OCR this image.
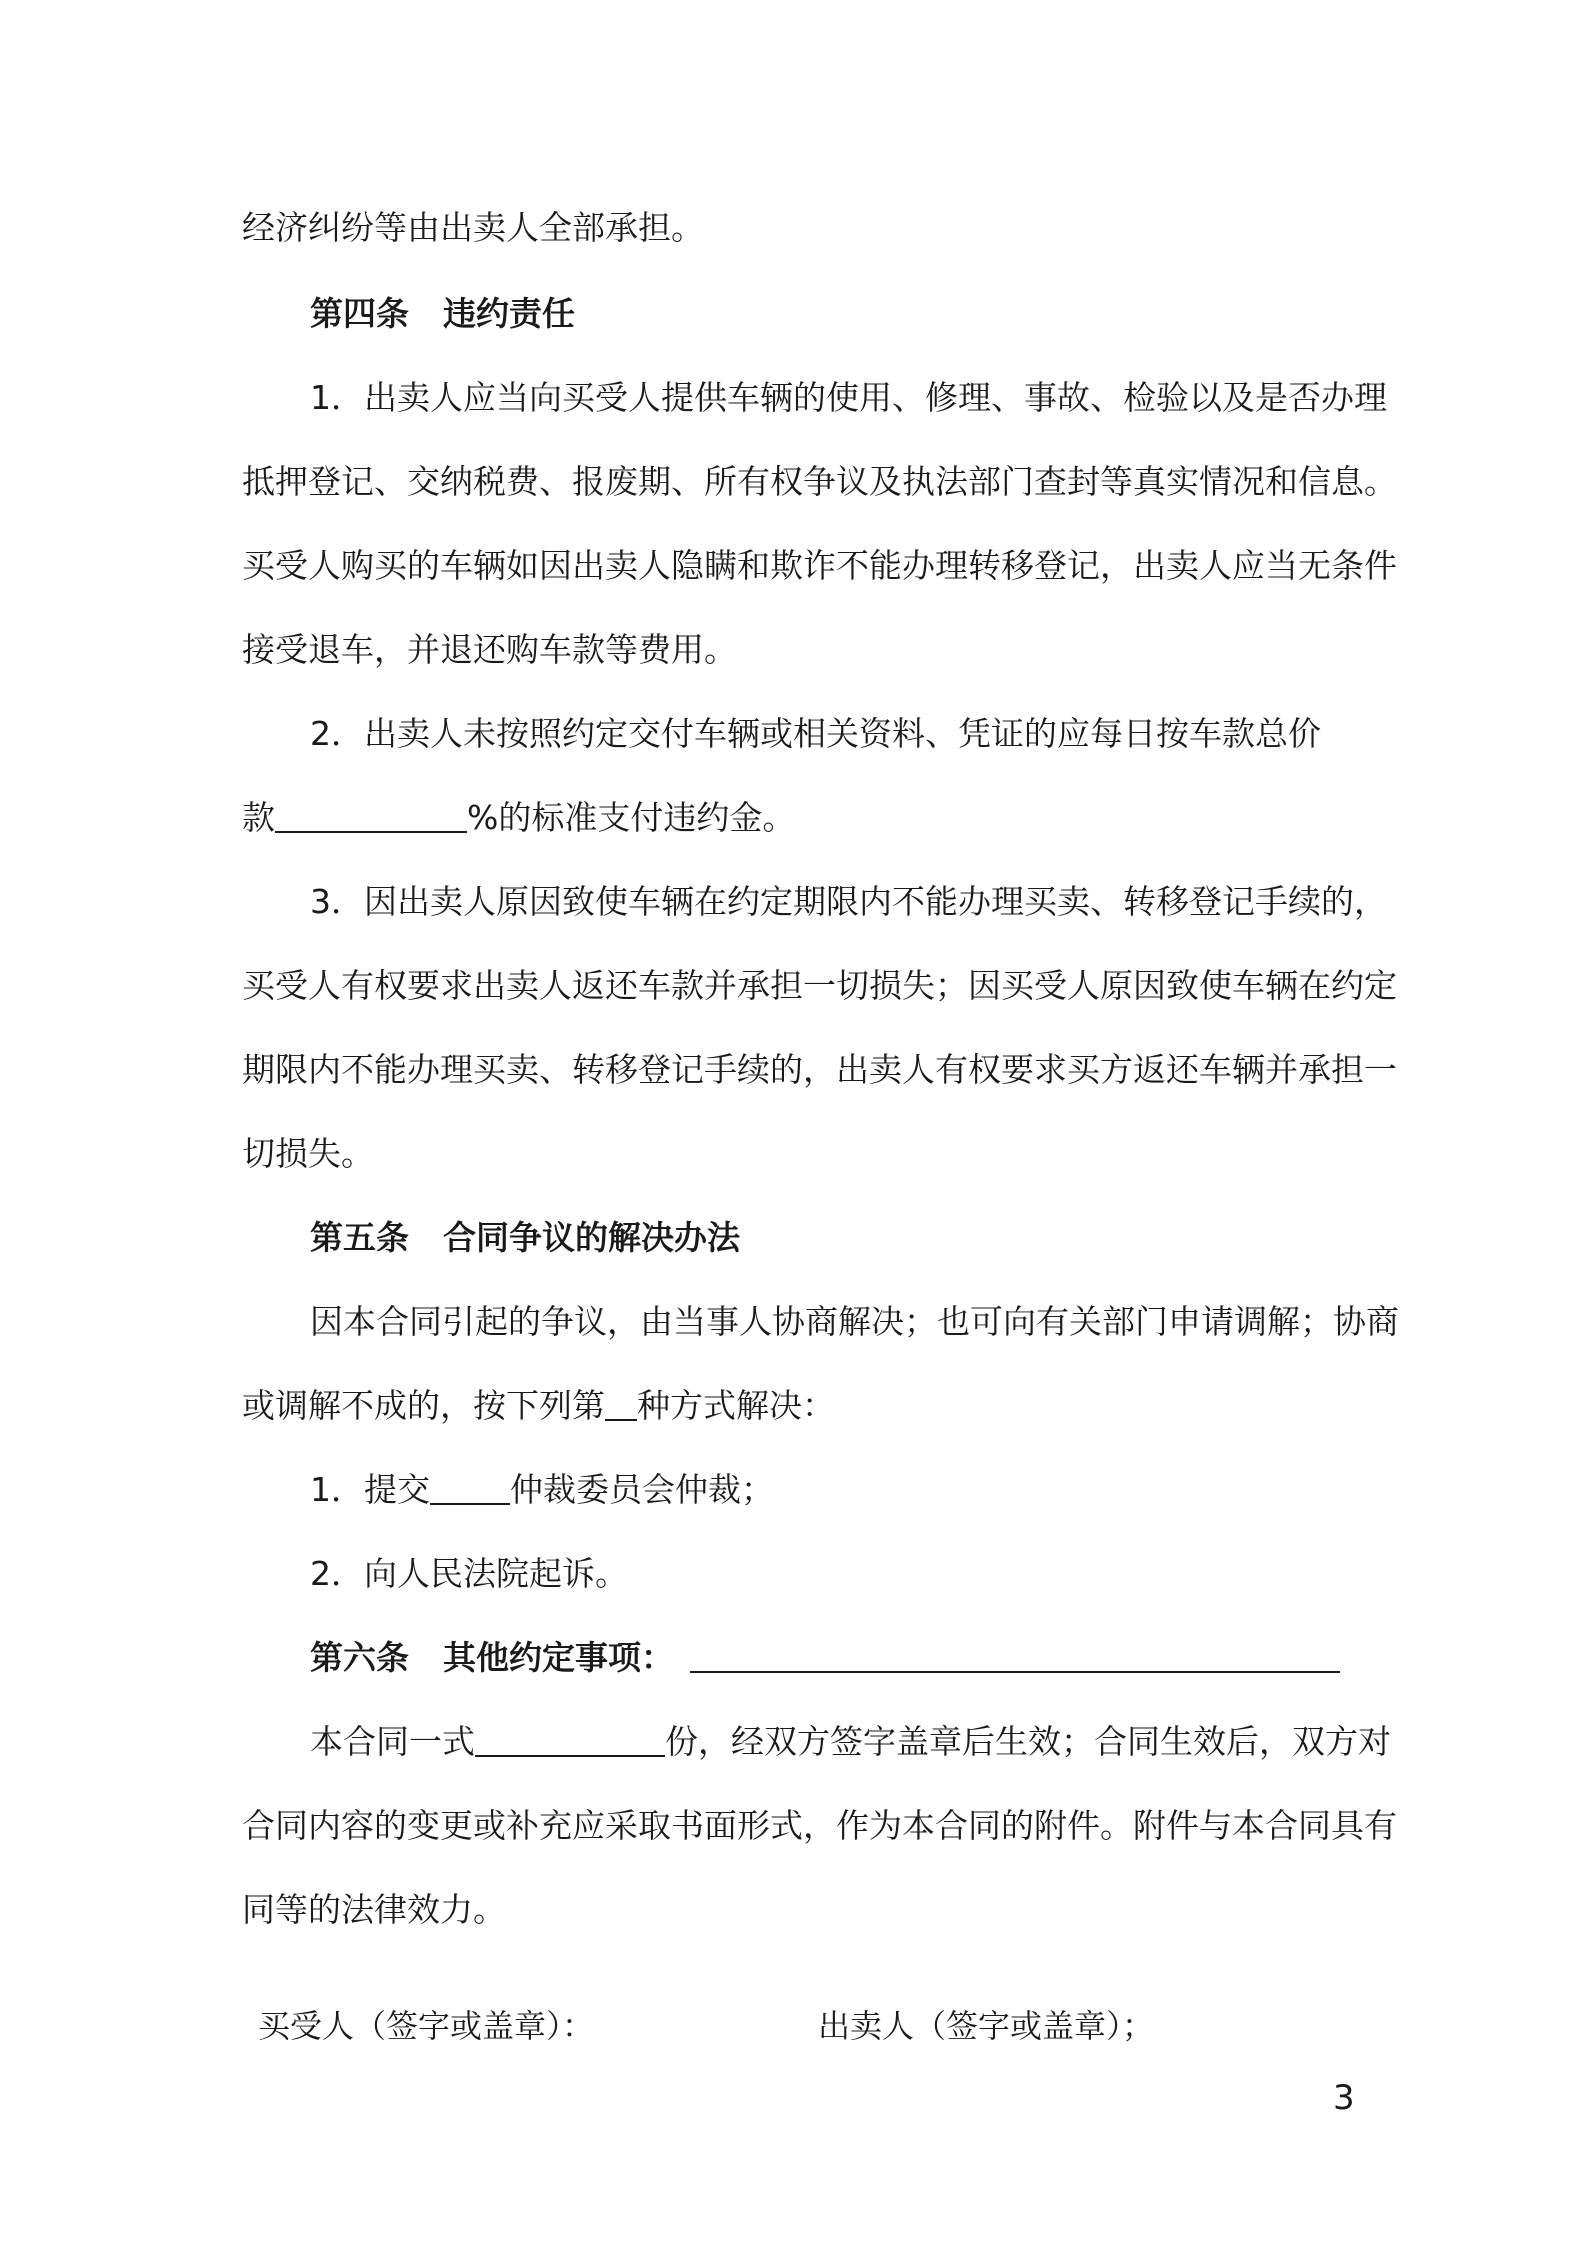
经济纠纷等由出卖人全部承担。
第四条 违约责任
1．出卖人应当向买受人提供车辆的使用、修理、事故、检验以及是否办理
抵押登记、交纳税费、报废期、所有权争议及执法部门查封等真实情况和信息。
买受人购买的车辆如因出卖人隐瞒和欺诈不能办理转移登记，出卖人应当无条件
接受退车，并退还购车款等费用。
2．出卖人未按照约定交付车辆或相关资料、凭证的应每日按车款总价
款	%的标准支付违约金。
3．因出卖人原因致使车辆在约定期限内不能办理买卖、转移登记手续的，
买受人有权要求出卖人返还车款并承担一切损失；因买受人原因致使车辆在约定
期限内不能办理买卖、转移登记手续的，出卖人有权要求买方返还车辆并承担一
切损失。
第五条 合同争议的解决办法
因本合同引起的争议，由当事人协商解决；也可向有关部门申请调解；协商
或调解不成的，按下列第 种方式解决：
1．提交 仲裁委员会仲裁；
2．向人民法院起诉。
第六条 其他约定事项：
本合同一式	份，经双方签字盖章后生效；合同生效后，双方对
合同内容的变更或补充应采取书面形式，作为本合同的附件。附件与本合同具有
同等的法律效力。
买受人（签字或盖章）：	出卖人（签字或盖章）；
3
